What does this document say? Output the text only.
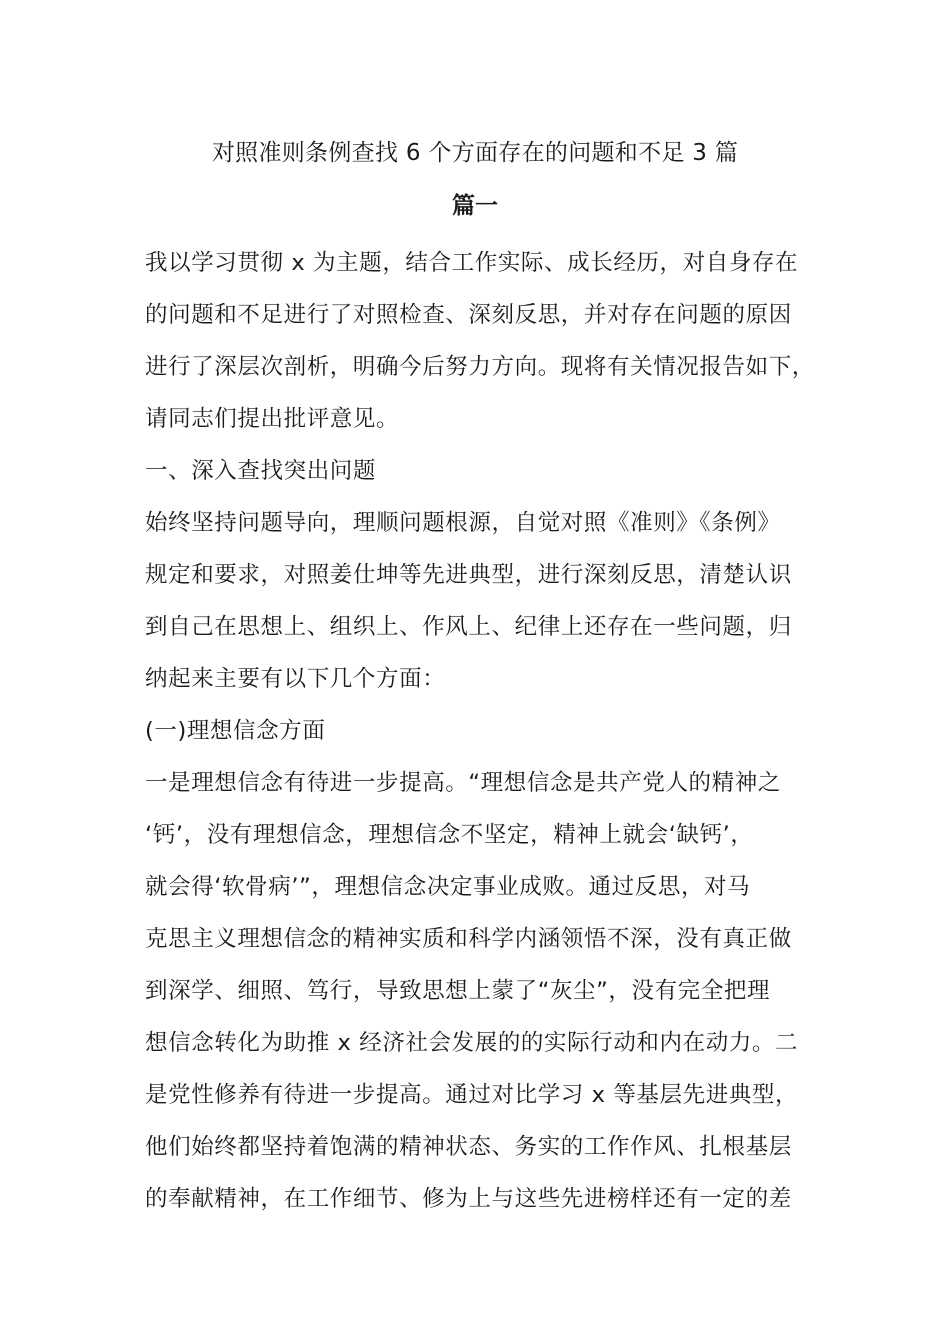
对照准则条例查找 6 个方面存在的问题和不足 3 篇
篇一
我以学习贯彻 x 为主题，结合工作实际、成长经历，对自身存在
的问题和不足进行了对照检查、深刻反思，并对存在问题的原因
进行了深层次剖析，明确今后努力方向。现将有关情况报告如下，
请同志们提出批评意见。
一、深入查找突出问题
始终坚持问题导向，理顺问题根源，自觉对照《准则》《条例》
规定和要求，对照姜仕坤等先进典型，进行深刻反思，清楚认识
到自己在思想上、组织上、作风上、纪律上还存在一些问题，归
纳起来主要有以下几个方面：
(一)理想信念方面
一是理想信念有待进一步提高。“理想信念是共产党人的精神之
‘钙’，没有理想信念，理想信念不坚定，精神上就会‘缺钙’，
就会得‘软骨病’”，理想信念决定事业成败。通过反思，对马
克思主义理想信念的精神实质和科学内涵领悟不深，没有真正做
到深学、细照、笃行，导致思想上蒙了“灰尘”，没有完全把理
想信念转化为助推 x 经济社会发展的的实际行动和内在动力。二
是党性修养有待进一步提高。通过对比学习 x 等基层先进典型，
他们始终都坚持着饱满的精神状态、务实的工作作风、扎根基层
的奉献精神，在工作细节、修为上与这些先进榜样还有一定的差
